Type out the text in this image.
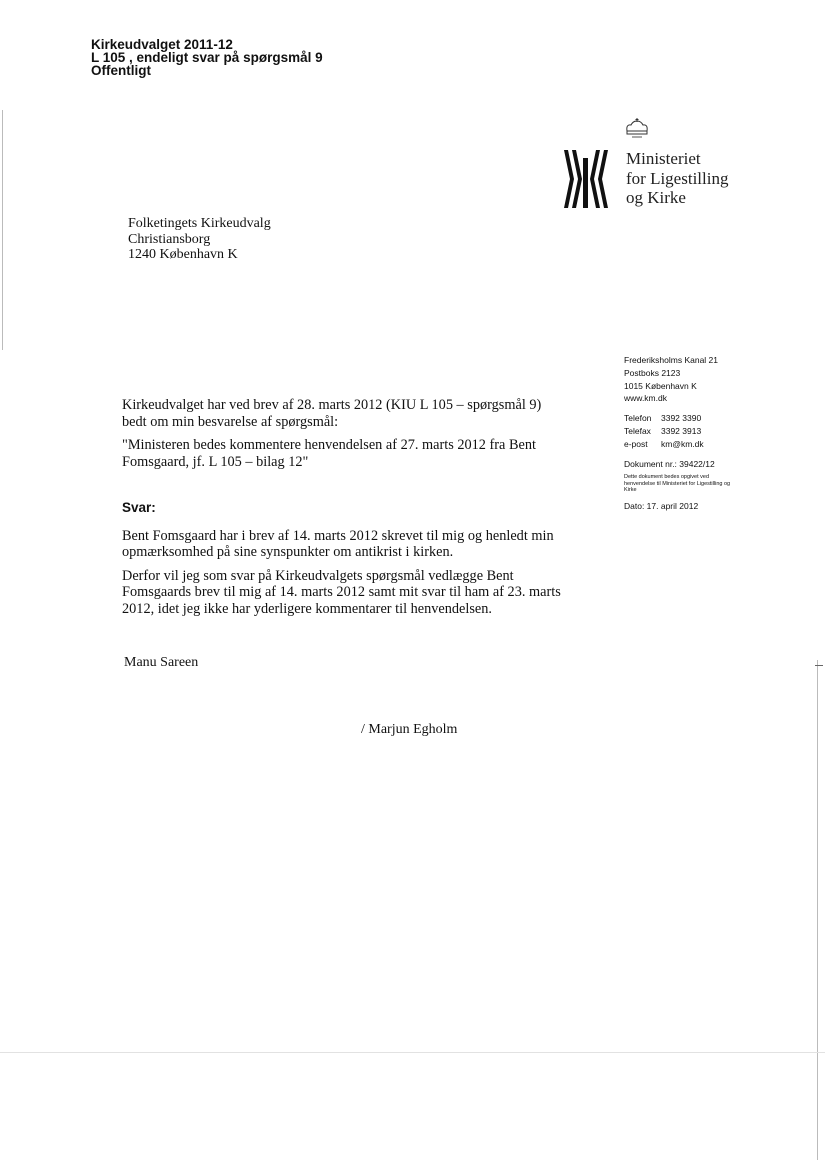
Kirkeudvalget 2011-12
L 105 , endeligt svar på spørgsmål 9
Offentligt
Ministeriet
for Ligestilling
og Kirke
Folketingets Kirkeudvalg
Christiansborg
1240 København K
Frederiksholms Kanal 21
Postboks 2123
1015 København K
www.km.dk
Telefon 3392 3390
Telefax 3392 3913
e-post km@km.dk
Dokument nr.: 39422/12
Dette dokument bedes opgivet ved henvendelse til Ministeriet for Ligestilling og Kirke
Dato: 17. april 2012

Kirkeudvalget har ved brev af 28. marts 2012 (KIU L 105 – spørgsmål 9) bedt om min besvarelse af spørgsmål:

"Ministeren bedes kommentere henvendelsen af 27. marts 2012 fra Bent Fomsgaard, jf. L 105 – bilag 12"

Svar:

Bent Fomsgaard har i brev af 14. marts 2012 skrevet til mig og henledt min opmærksomhed på sine synspunkter om antikrist i kirken.

Derfor vil jeg som svar på Kirkeudvalgets spørgsmål vedlægge Bent Fomsgaards brev til mig af 14. marts 2012 samt mit svar til ham af 23. marts 2012, idet jeg ikke har yderligere kommentarer til henvendelsen.

Manu Sareen
/ Marjun Egholm
